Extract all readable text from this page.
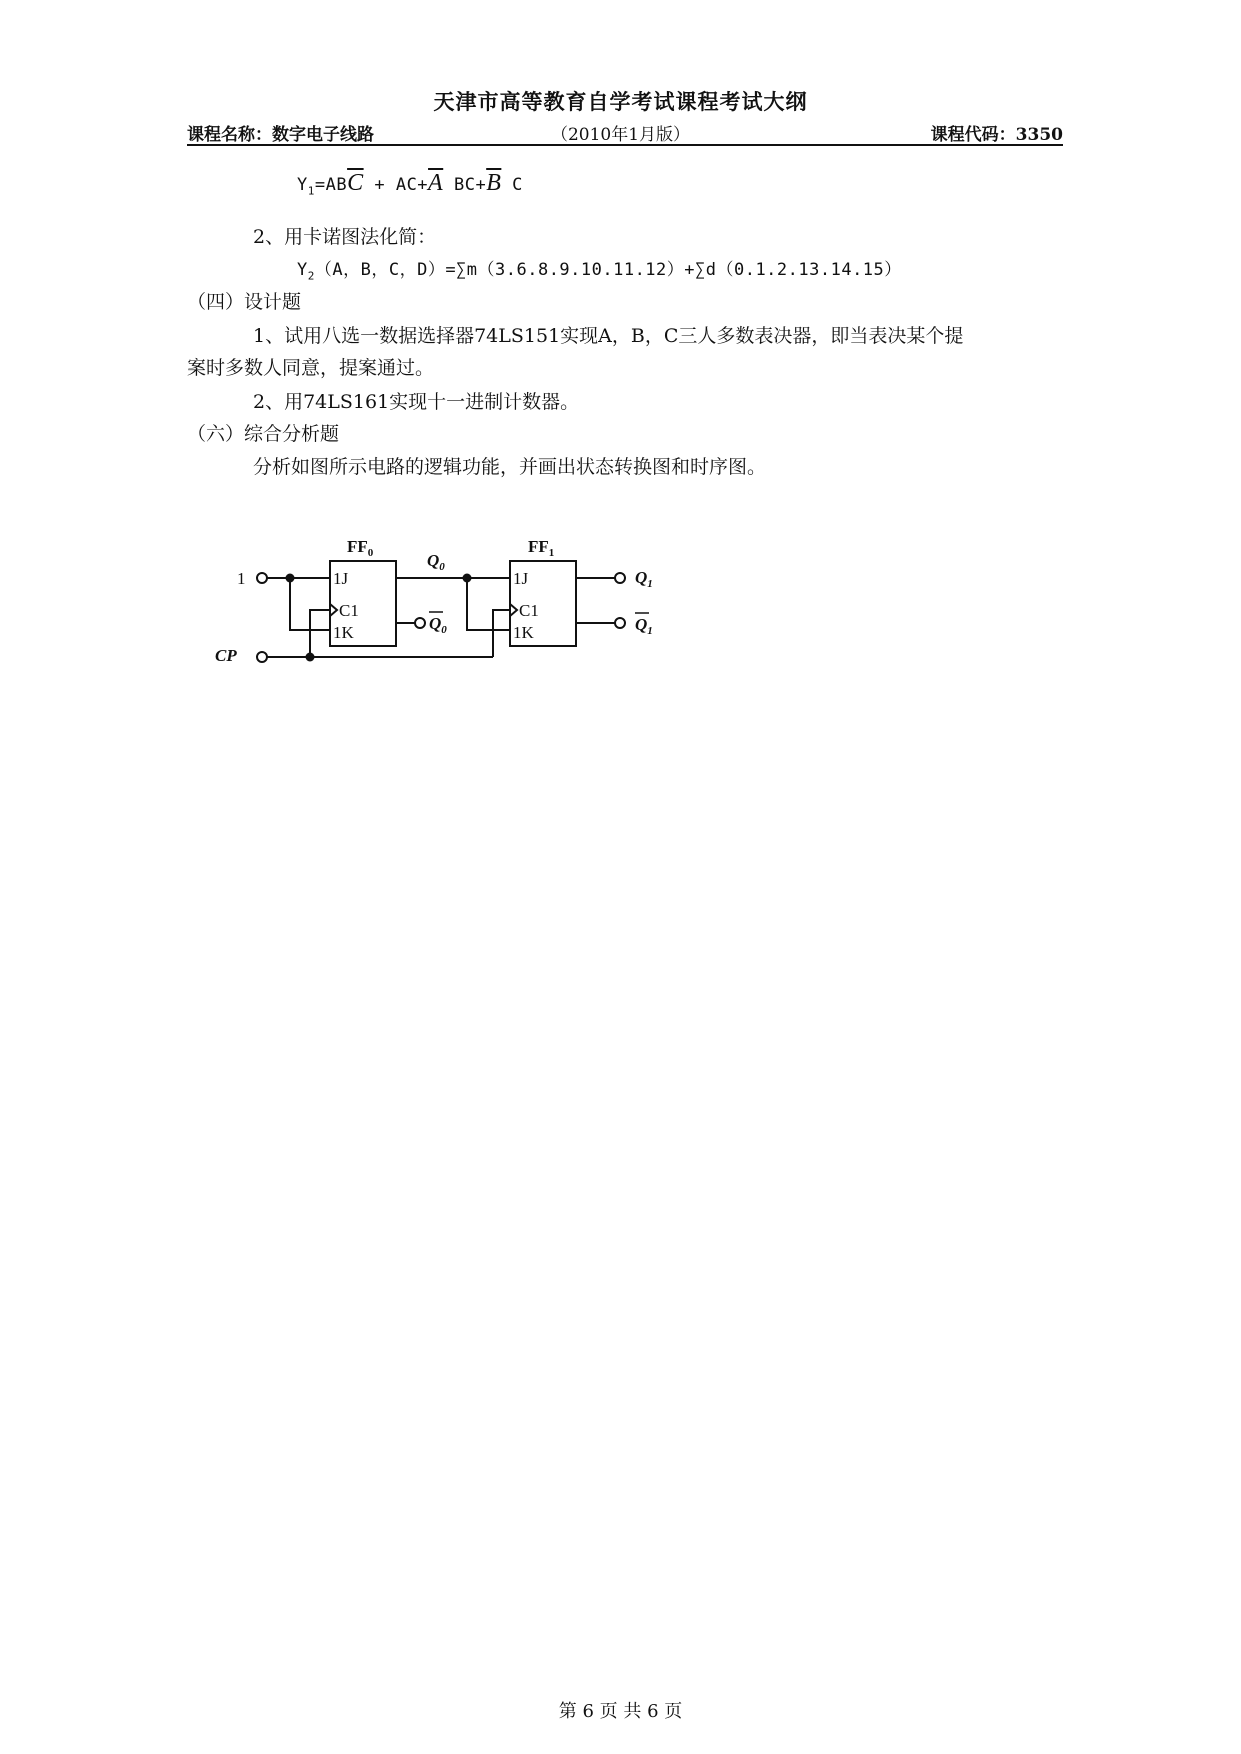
天津市高等教育自学考试课程考试大纲
课程名称：数字电子线路	（2010年1月版）	课程代码：3350
$Y_1=AB\overline{C} + AC+\overline{A}$ $BC+\overline{B}$ C
2、用卡诺图法化简：
$Y_2(A$，B，C，D）=∑m（3.6.8.9.10.11.12）+∑d（0.1.2.13.14.15）
（四）设计题
1、试用八选一数据选择器74LS151实现A，B，C三人多数表决器，即当表决某个提
案时多数人同意，提案通过。
2、用74LS161实现十一进制计数器。
（六）综合分析题
分析如图所示电路的逻辑功能，并画出状态转换图和时序图。
1
CP
$FF_0$	$FF_1$
1J
C1
1K
1J
C1
1K
$Q_0$
$Q_0$
$Q_1$
$Q_1$
第 6 页 共 6 页
